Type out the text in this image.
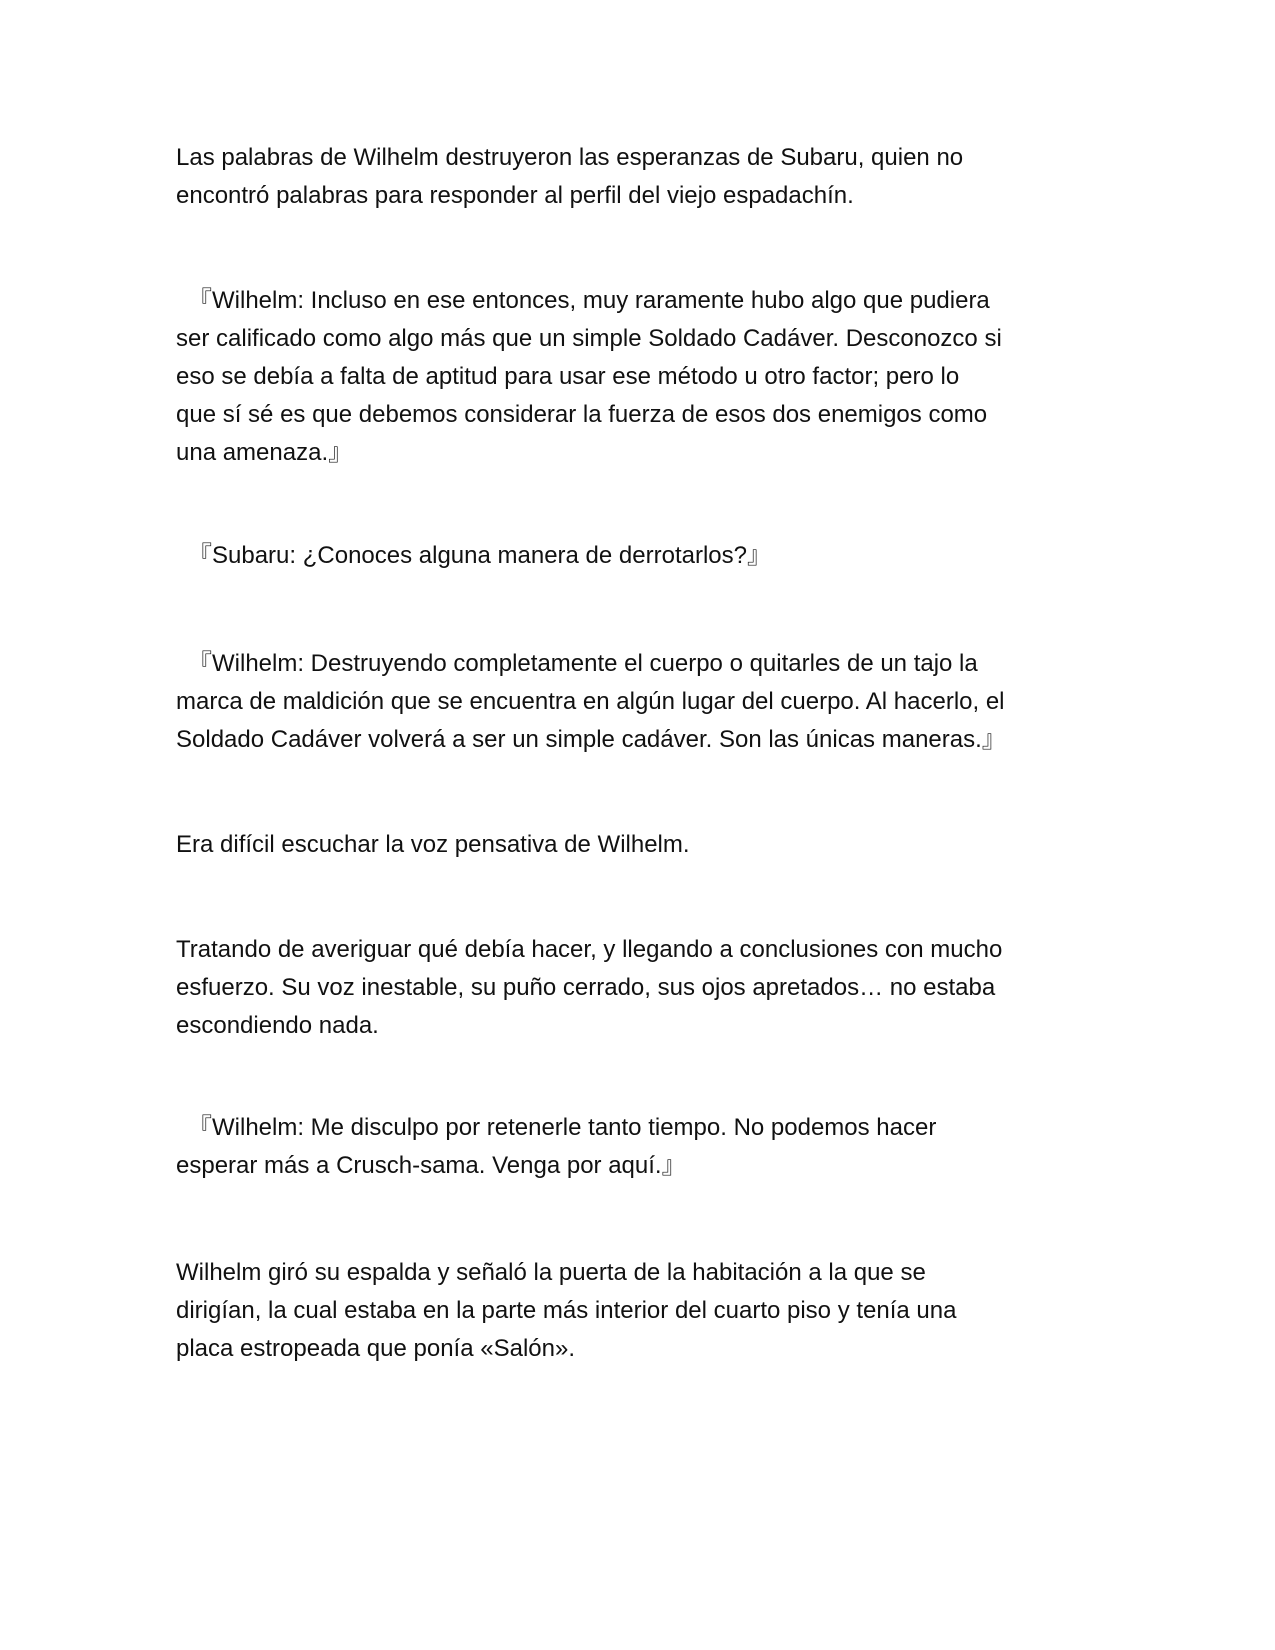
Las palabras de Wilhelm destruyeron las esperanzas de Subaru, quien no
encontró palabras para responder al perfil del viejo espadachín.

『Wilhelm: Incluso en ese entonces, muy raramente hubo algo que pudiera
ser calificado como algo más que un simple Soldado Cadáver. Desconozco si
eso se debía a falta de aptitud para usar ese método u otro factor; pero lo
que sí sé es que debemos considerar la fuerza de esos dos enemigos como
una amenaza.』

『Subaru: ¿Conoces alguna manera de derrotarlos?』

『Wilhelm: Destruyendo completamente el cuerpo o quitarles de un tajo la
marca de maldición que se encuentra en algún lugar del cuerpo. Al hacerlo, el
Soldado Cadáver volverá a ser un simple cadáver. Son las únicas maneras.』

Era difícil escuchar la voz pensativa de Wilhelm.

Tratando de averiguar qué debía hacer, y llegando a conclusiones con mucho
esfuerzo. Su voz inestable, su puño cerrado, sus ojos apretados… no estaba
escondiendo nada.

『Wilhelm: Me disculpo por retenerle tanto tiempo. No podemos hacer
esperar más a Crusch-sama. Venga por aquí.』

Wilhelm giró su espalda y señaló la puerta de la habitación a la que se
dirigían, la cual estaba en la parte más interior del cuarto piso y tenía una
placa estropeada que ponía «Salón».
